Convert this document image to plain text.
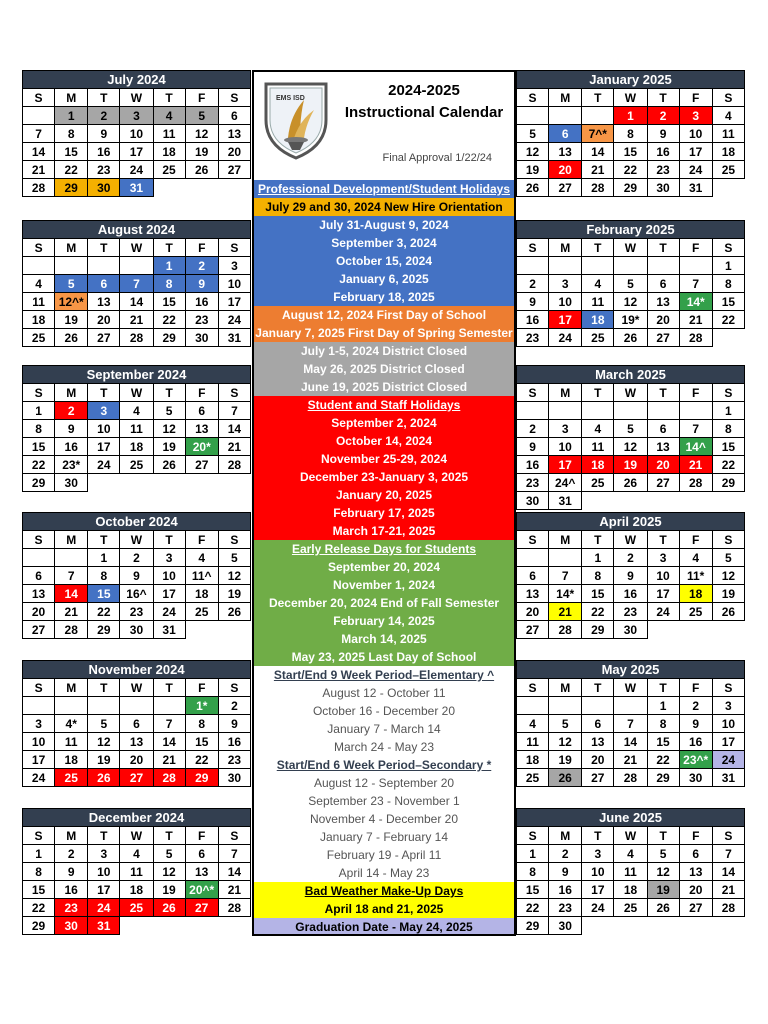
July 2024						
S	M	T	W	T	F	S
	1	2	3	4	5	6
7	8	9	10	11	12	13
14	15	16	17	18	19	20
21	22	23	24	25	26	27
28	29	30	31			
August 2024						
S	M	T	W	T	F	S
				1	2	3
4	5	6	7	8	9	10
11	12^*	13	14	15	16	17
18	19	20	21	22	23	24
25	26	27	28	29	30	31
September 2024						
S	M	T	W	T	F	S
1	2	3	4	5	6	7
8	9	10	11	12	13	14
15	16	17	18	19	20*	21
22	23*	24	25	26	27	28
29	30					
October 2024						
S	M	T	W	T	F	S
		1	2	3	4	5
6	7	8	9	10	11^	12
13	14	15	16^	17	18	19
20	21	22	23	24	25	26
27	28	29	30	31		
November 2024						
S	M	T	W	T	F	S
					1*	2
3	4*	5	6	7	8	9
10	11	12	13	14	15	16
17	18	19	20	21	22	23
24	25	26	27	28	29	30
December 2024						
S	M	T	W	T	F	S
1	2	3	4	5	6	7
8	9	10	11	12	13	14
15	16	17	18	19	20^*	21
22	23	24	25	26	27	28
29	30	31				
January 2025						
S	M	T	W	T	F	S
			1	2	3	4
5	6	7^*	8	9	10	11
12	13	14	15	16	17	18
19	20	21	22	23	24	25
26	27	28	29	30	31	
February 2025						
S	M	T	W	T	F	S
						1
2	3	4	5	6	7	8
9	10	11	12	13	14*	15
16	17	18	19*	20	21	22
23	24	25	26	27	28	
March 2025						
S	M	T	W	T	F	S
						1
2	3	4	5	6	7	8
9	10	11	12	13	14^	15
16	17	18	19	20	21	22
23	24^	25	26	27	28	29
30	31					
April 2025						
S	M	T	W	T	F	S
		1	2	3	4	5
6	7	8	9	10	11*	12
13	14*	15	16	17	18	19
20	21	22	23	24	25	26
27	28	29	30			
May 2025						
S	M	T	W	T	F	S
				1	2	3
4	5	6	7	8	9	10
11	12	13	14	15	16	17
18	19	20	21	22	23^*	24
25	26	27	28	29	30	31
June 2025						
S	M	T	W	T	F	S
1	2	3	4	5	6	7
8	9	10	11	12	13	14
15	16	17	18	19	20	21
22	23	24	25	26	27	28
29	30					
EMS ISD	2024-2025
Instructional Calendar
Final Approval 1/22/24
Professional Development/Student Holidays
July 29 and 30, 2024 New Hire Orientation
July 31-August 9, 2024
September 3, 2024
October 15, 2024
January 6, 2025
February 18, 2025
August 12, 2024 First Day of School
January 7, 2025 First Day of Spring Semester
July 1-5, 2024 District Closed
May 26, 2025 District Closed
June 19, 2025 District Closed
Student and Staff Holidays
September 2, 2024
October 14, 2024
November 25-29, 2024
December 23-January 3, 2025
January 20, 2025
February 17, 2025
March 17-21, 2025
Early Release Days for Students
September 20, 2024
November 1, 2024
December 20, 2024 End of Fall Semester
February 14, 2025
March 14, 2025
May 23, 2025 Last Day of School
Start/End 9 Week Period–Elementary ^
August 12 - October 11
October 16 - December 20
January 7 - March 14
March 24 - May 23
Start/End 6 Week Period–Secondary *
August 12 - September 20
September 23 - November 1
November 4 - December 20
January 7 - February 14
February 19 - April 11
April 14 - May 23
Bad Weather Make-Up Days
April 18 and 21, 2025
Graduation Date - May 24, 2025
